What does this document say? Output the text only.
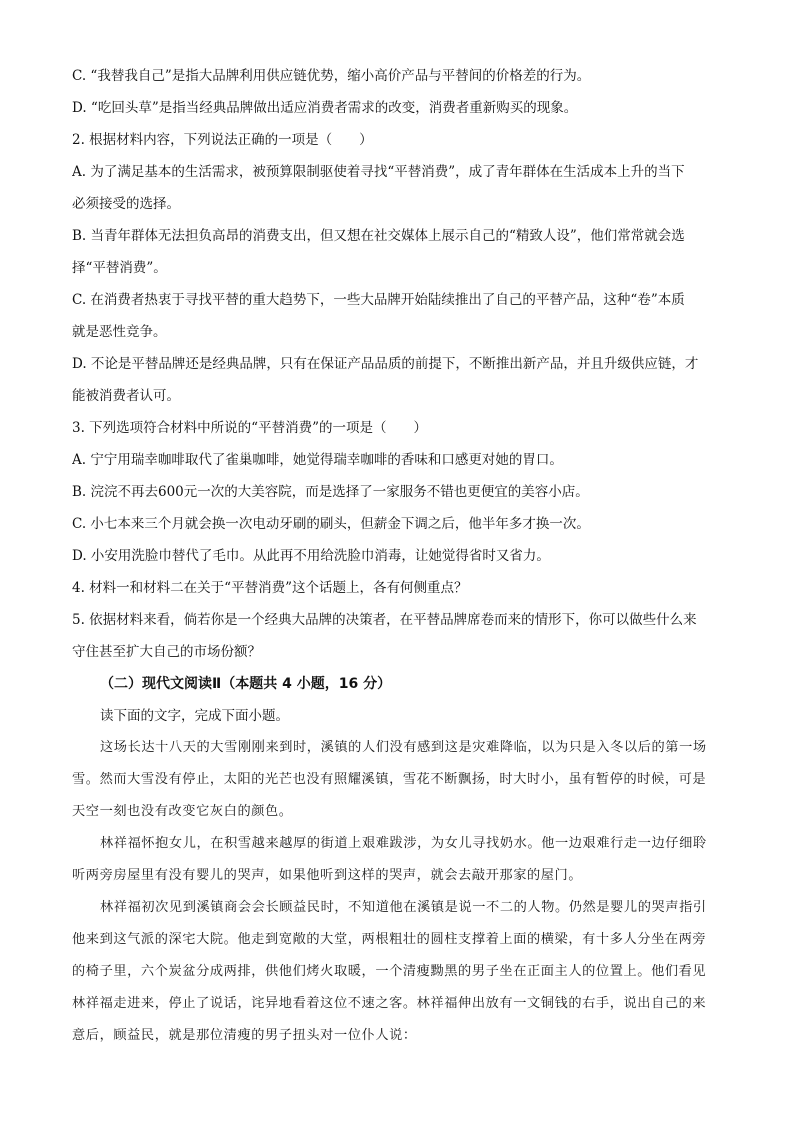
C. “我替我自己”是指大品牌利用供应链优势，缩小高价产品与平替间的价格差的行为。
D. “吃回头草”是指当经典品牌做出适应消费者需求的改变，消费者重新购买的现象。
2. 根据材料内容，下列说法正确的一项是（　　）
A. 为了满足基本的生活需求，被预算限制驱使着寻找“平替消费”，成了青年群体在生活成本上升的当下
必须接受的选择。
B. 当青年群体无法担负高昂的消费支出，但又想在社交媒体上展示自己的“精致人设”，他们常常就会选
择“平替消费”。
C. 在消费者热衷于寻找平替的重大趋势下，一些大品牌开始陆续推出了自己的平替产品，这种“卷”本质
就是恶性竞争。
D. 不论是平替品牌还是经典品牌，只有在保证产品品质的前提下，不断推出新产品，并且升级供应链，才
能被消费者认可。
3. 下列选项符合材料中所说的“平替消费”的一项是（　　）
A. 宁宁用瑞幸咖啡取代了雀巢咖啡，她觉得瑞幸咖啡的香味和口感更对她的胃口。
B. 浣浣不再去600元一次的大美容院，而是选择了一家服务不错也更便宜的美容小店。
C. 小七本来三个月就会换一次电动牙刷的刷头，但薪金下调之后，他半年多才换一次。
D. 小安用洗脸巾替代了毛巾。从此再不用给洗脸巾消毒，让她觉得省时又省力。
4. 材料一和材料二在关于“平替消费”这个话题上，各有何侧重点？
5. 依据材料来看，倘若你是一个经典大品牌的决策者，在平替品牌席卷而来的情形下，你可以做些什么来
守住甚至扩大自己的市场份额？
（二）现代文阅读Ⅱ（本题共 4 小题，16 分）
读下面的文字，完成下面小题。
这场长达十八天的大雪刚刚来到时，溪镇的人们没有感到这是灾难降临，以为只是入冬以后的第一场
雪。然而大雪没有停止，太阳的光芒也没有照耀溪镇，雪花不断飘扬，时大时小，虽有暂停的时候，可是
天空一刻也没有改变它灰白的颜色。
林祥福怀抱女儿，在积雪越来越厚的街道上艰难跋涉，为女儿寻找奶水。他一边艰难行走一边仔细聆
听两旁房屋里有没有婴儿的哭声，如果他听到这样的哭声，就会去敲开那家的屋门。
林祥福初次见到溪镇商会会长顾益民时，不知道他在溪镇是说一不二的人物。仍然是婴儿的哭声指引
他来到这气派的深宅大院。他走到宽敞的大堂，两根粗壮的圆柱支撑着上面的横梁，有十多人分坐在两旁
的椅子里，六个炭盆分成两排，供他们烤火取暖，一个清瘦黝黑的男子坐在正面主人的位置上。他们看见
林祥福走进来，停止了说话，诧异地看着这位不速之客。林祥福伸出放有一文铜钱的右手，说出自己的来
意后，顾益民，就是那位清瘦的男子扭头对一位仆人说：
